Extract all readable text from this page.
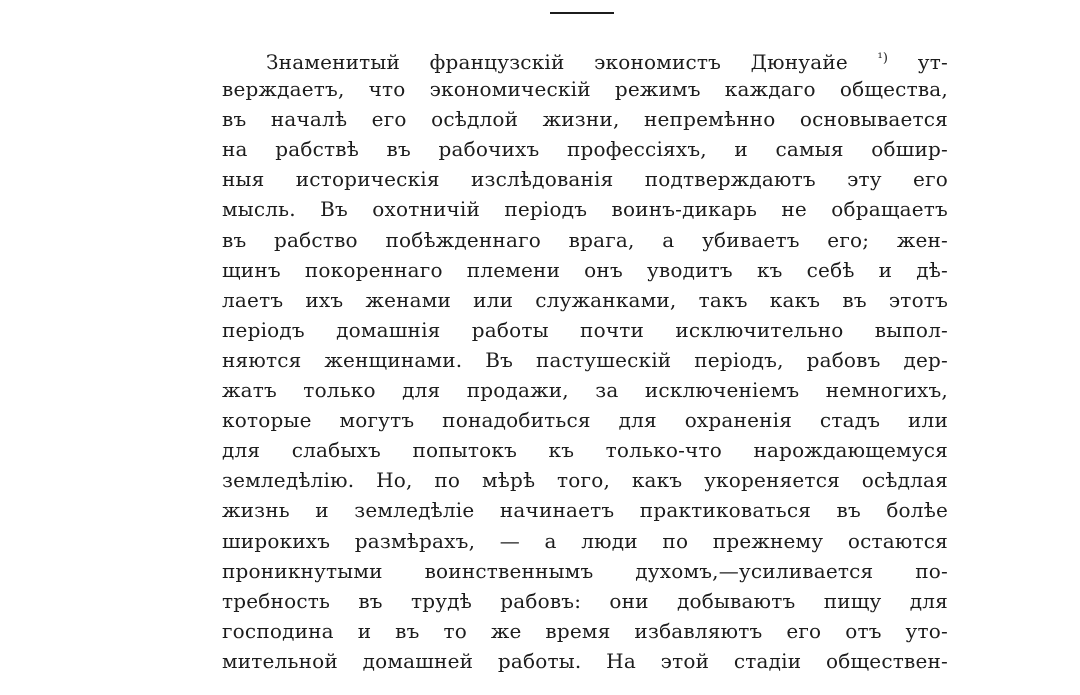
Знаменитый французскій экономистъ Дюнуайе $^{^1)}$ ут-
верждаетъ, что экономическій режимъ каждаго общества,
въ началѣ его осѣдлой жизни, непремѣнно основывается
на рабствѣ въ рабочихъ профессіяхъ, и самыя обшир-
ныя историческія изслѣдованія подтверждаютъ эту его
мысль. Въ охотничій періодъ воинъ-дикарь не обращаетъ
въ рабство побѣжденнаго врага, а убиваетъ его; жен-
щинъ покореннаго племени онъ уводитъ къ себѣ и дѣ-
лаетъ ихъ женами или служанками, такъ какъ въ этотъ
періодъ домашнія работы почти исключительно выпол-
няются женщинами. Въ пастушескій періодъ, рабовъ дер-
жатъ только для продажи, за исключеніемъ немногихъ,
которые могутъ понадобиться для охраненія стадъ или
для слабыхъ попытокъ къ только-что нарождающемуся
земледѣлію. Но, по мѣрѣ того, какъ укореняется осѣдлая
жизнь и земледѣліе начинаетъ практиковаться въ болѣе
широкихъ размѣрахъ, — а люди по прежнему остаются
проникнутыми воинственнымъ духомъ,—усиливается по-
требность въ трудѣ рабовъ: они добываютъ пищу для
господина и въ то же время избавляютъ его отъ уто-
мительной домашней работы. На этой стадіи обществен-
